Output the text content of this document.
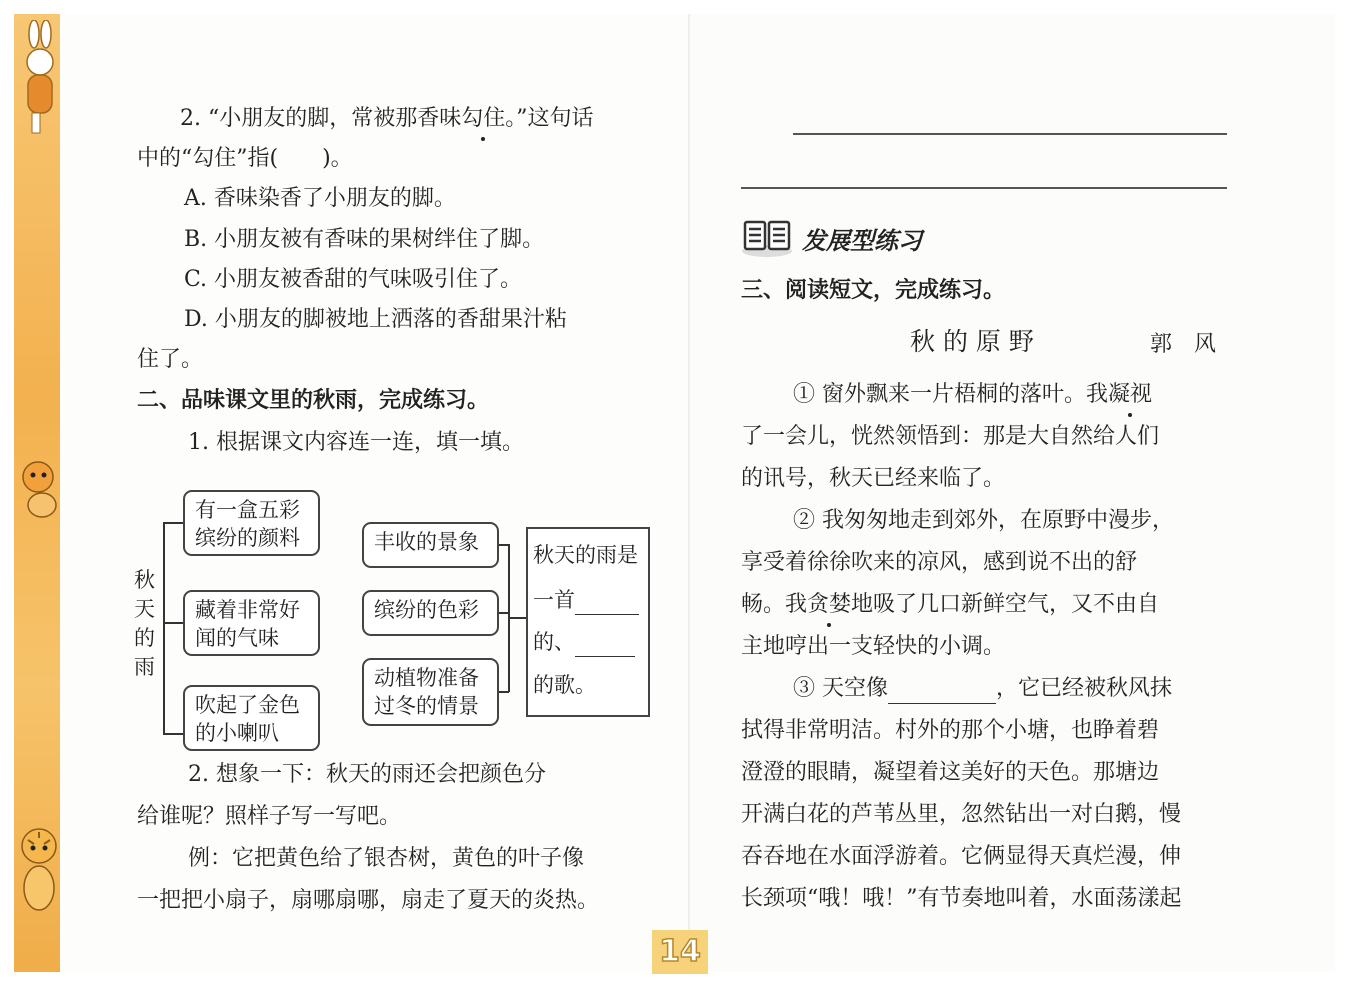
2. “小朋友的脚，常被那香味勾住。”这句话
中的“勾住”指(　　)。
A. 香味染香了小朋友的脚。
B. 小朋友被有香味的果树绊住了脚。
C. 小朋友被香甜的气味吸引住了。
D. 小朋友的脚被地上洒落的香甜果汁粘
住了。
二、品味课文里的秋雨，完成练习。
1. 根据课文内容连一连，填一填。
秋天的雨
有一盒五彩缤纷的颜料
藏着非常好闻的气味
吹起了金色的小喇叭
丰收的景象
缤纷的色彩
动植物准备过冬的情景
秋天的雨是
一首
的、
的歌。
2. 想象一下：秋天的雨还会把颜色分
给谁呢？照样子写一写吧。
例：它把黄色给了银杏树，黄色的叶子像
一把把小扇子，扇哪扇哪，扇走了夏天的炎热。
14
发展型练习
三、阅读短文，完成练习。
秋 的 原 野	郭　风
① 窗外飘来一片梧桐的落叶。我凝视
了一会儿，恍然领悟到：那是大自然给人们
的讯号，秋天已经来临了。
② 我匆匆地走到郊外，在原野中漫步，
享受着徐徐吹来的凉风，感到说不出的舒
畅。我贪婪地吸了几口新鲜空气，又不由自
主地哼出一支轻快的小调。
③ 天空像	，它已经被秋风抹
拭得非常明洁。村外的那个小塘，也睁着碧
澄澄的眼睛，凝望着这美好的天色。那塘边
开满白花的芦苇丛里，忽然钻出一对白鹅，慢
吞吞地在水面浮游着。它俩显得天真烂漫，伸
长颈项“哦！哦！”有节奏地叫着，水面荡漾起
